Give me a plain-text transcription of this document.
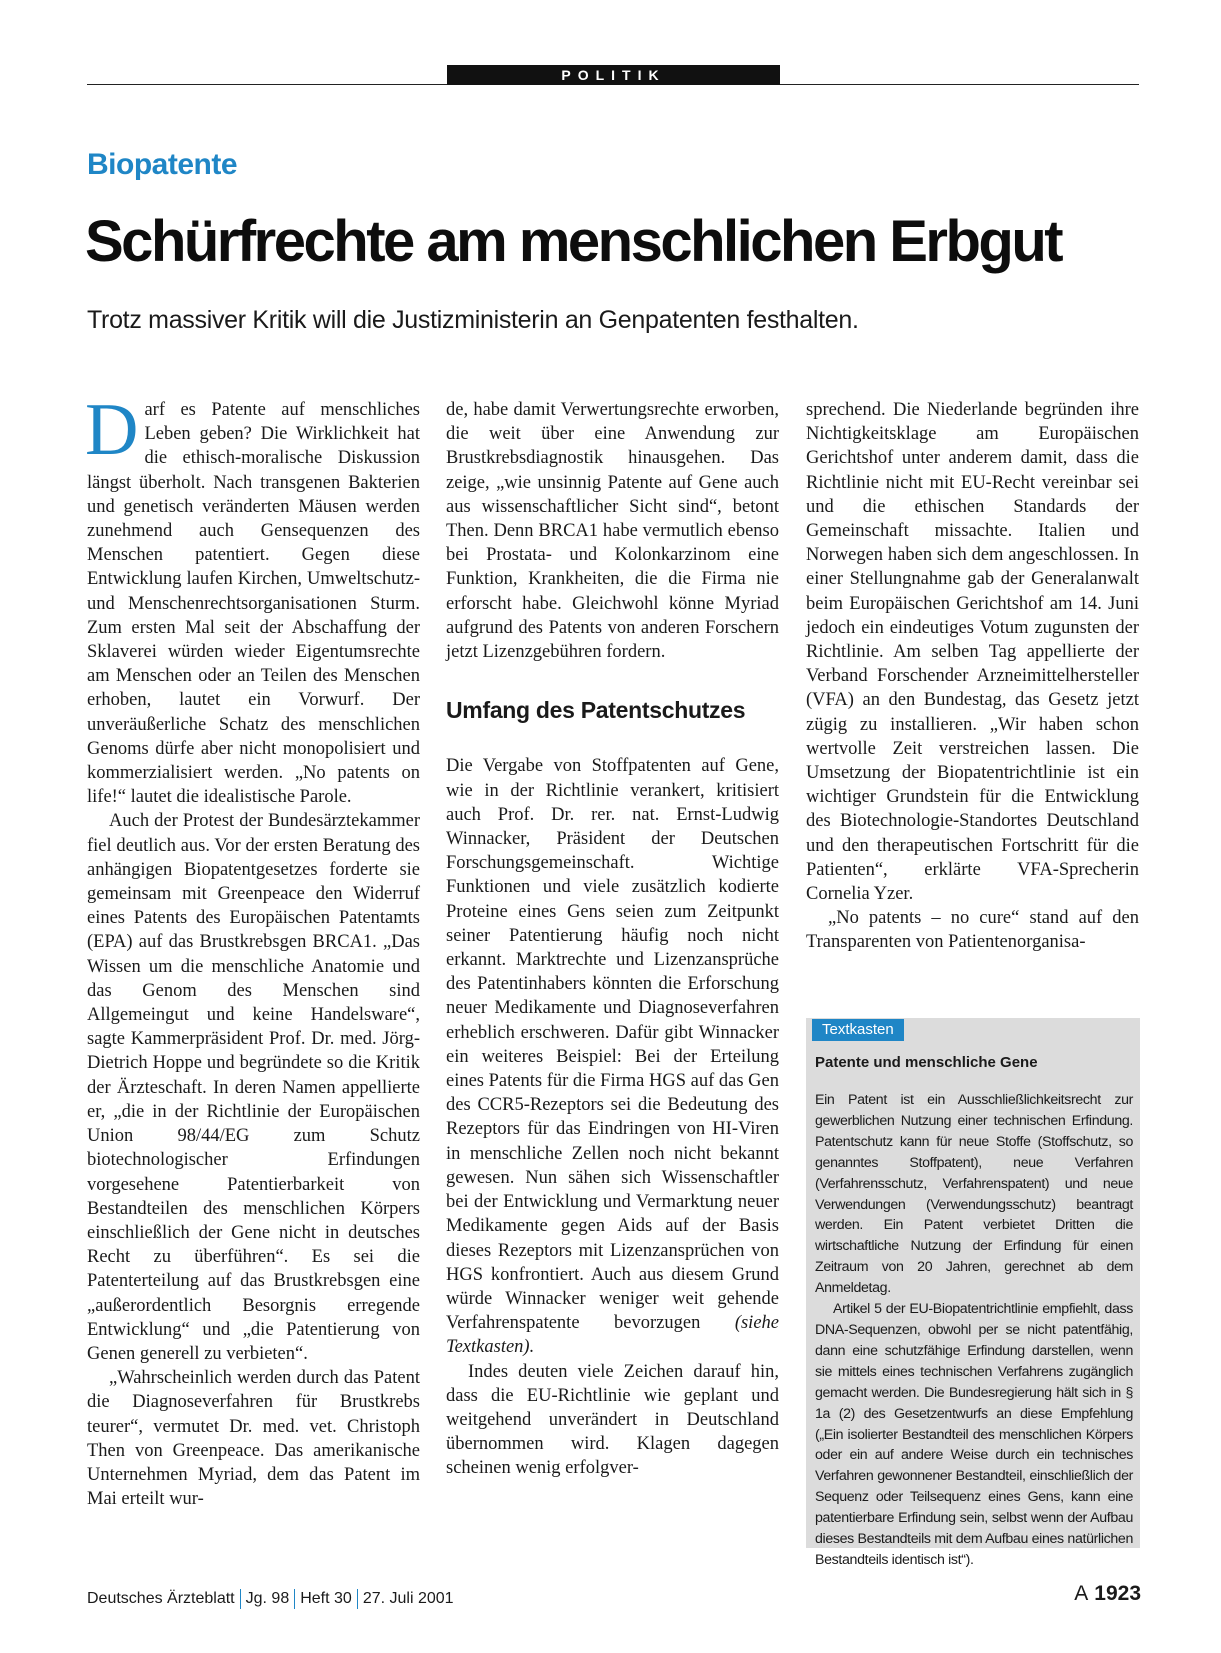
POLITIK
Biopatente
Schürfrechte am menschlichen Erbgut
Trotz massiver Kritik will die Justizministerin an Genpatenten festhalten.

Darf es Patente auf menschliches Leben geben? Die Wirklichkeit hat die ethisch-moralische Diskussion längst überholt. Nach transgenen Bakterien und genetisch veränderten Mäusen werden zunehmend auch Gensequenzen des Menschen patentiert. Gegen diese Entwicklung laufen Kirchen, Umweltschutz- und Menschenrechtsorganisationen Sturm. Zum ersten Mal seit der Abschaffung der Sklaverei würden wieder Eigentumsrechte am Menschen oder an Teilen des Menschen erhoben, lautet ein Vorwurf. Der unveräußerliche Schatz des menschlichen Genoms dürfe aber nicht monopolisiert und kommerzialisiert werden. „No patents on life!“ lautet die idealistische Parole.

Auch der Protest der Bundesärztekammer fiel deutlich aus. Vor der ersten Beratung des anhängigen Biopatentgesetzes forderte sie gemeinsam mit Greenpeace den Widerruf eines Patents des Europäischen Patentamts (EPA) auf das Brustkrebsgen BRCA1. „Das Wissen um die menschliche Anatomie und das Genom des Menschen sind Allgemeingut und keine Handelsware“, sagte Kammerpräsident Prof. Dr. med. Jörg-Dietrich Hoppe und begründete so die Kritik der Ärzteschaft. In deren Namen appellierte er, „die in der Richtlinie der Europäischen Union 98/44/EG zum Schutz biotechnologischer Erfindungen vorgesehene Patentierbarkeit von Bestandteilen des menschlichen Körpers einschließlich der Gene nicht in deutsches Recht zu überführen“. Es sei die Patenterteilung auf das Brustkrebsgen eine „außerordentlich Besorgnis erregende Entwicklung“ und „die Patentierung von Genen generell zu verbieten“.

„Wahrscheinlich werden durch das Patent die Diagnoseverfahren für Brustkrebs teurer“, vermutet Dr. med. vet. Christoph Then von Greenpeace. Das amerikanische Unternehmen Myriad, dem das Patent im Mai erteilt wur-

de, habe damit Verwertungsrechte erworben, die weit über eine Anwendung zur Brustkrebsdiagnostik hinausgehen. Das zeige, „wie unsinnig Patente auf Gene auch aus wissenschaftlicher Sicht sind“, betont Then. Denn BRCA1 habe vermutlich ebenso bei Prostata- und Kolonkarzinom eine Funktion, Krankheiten, die die Firma nie erforscht habe. Gleichwohl könne Myriad aufgrund des Patents von anderen Forschern jetzt Lizenzgebühren fordern.

Umfang des Patentschutzes

Die Vergabe von Stoffpatenten auf Gene, wie in der Richtlinie verankert, kritisiert auch Prof. Dr. rer. nat. Ernst-Ludwig Winnacker, Präsident der Deutschen Forschungsgemeinschaft. Wichtige Funktionen und viele zusätzlich kodierte Proteine eines Gens seien zum Zeitpunkt seiner Patentierung häufig noch nicht erkannt. Marktrechte und Lizenzansprüche des Patentinhabers könnten die Erforschung neuer Medikamente und Diagnoseverfahren erheblich erschweren. Dafür gibt Winnacker ein weiteres Beispiel: Bei der Erteilung eines Patents für die Firma HGS auf das Gen des CCR5-Rezeptors sei die Bedeutung des Rezeptors für das Eindringen von HI-Viren in menschliche Zellen noch nicht bekannt gewesen. Nun sähen sich Wissenschaftler bei der Entwicklung und Vermarktung neuer Medikamente gegen Aids auf der Basis dieses Rezeptors mit Lizenzansprüchen von HGS konfrontiert. Auch aus diesem Grund würde Winnacker weniger weit gehende Verfahrenspatente bevorzugen (siehe Textkasten).

Indes deuten viele Zeichen darauf hin, dass die EU-Richtlinie wie geplant und weitgehend unverändert in Deutschland übernommen wird. Klagen dagegen scheinen wenig erfolgver-

sprechend. Die Niederlande begründen ihre Nichtigkeitsklage am Europäischen Gerichtshof unter anderem damit, dass die Richtlinie nicht mit EU-Recht vereinbar sei und die ethischen Standards der Gemeinschaft missachte. Italien und Norwegen haben sich dem angeschlossen. In einer Stellungnahme gab der Generalanwalt beim Europäischen Gerichtshof am 14. Juni jedoch ein eindeutiges Votum zugunsten der Richtlinie. Am selben Tag appellierte der Verband Forschender Arzneimittelhersteller (VFA) an den Bundestag, das Gesetz jetzt zügig zu installieren. „Wir haben schon wertvolle Zeit verstreichen lassen. Die Umsetzung der Biopatentrichtlinie ist ein wichtiger Grundstein für die Entwicklung des Biotechnologie-Standortes Deutschland und den therapeutischen Fortschritt für die Patienten“, erklärte VFA-Sprecherin Cornelia Yzer.

„No patents – no cure“ stand auf den Transparenten von Patientenorganisa-

Textkasten
Patente und menschliche Gene

Ein Patent ist ein Ausschließlichkeitsrecht zur gewerblichen Nutzung einer technischen Erfindung. Patentschutz kann für neue Stoffe (Stoffschutz, so genanntes Stoffpatent), neue Verfahren (Verfahrensschutz, Verfahrenspatent) und neue Verwendungen (Verwendungsschutz) beantragt werden. Ein Patent verbietet Dritten die wirtschaftliche Nutzung der Erfindung für einen Zeitraum von 20 Jahren, gerechnet ab dem Anmeldetag.

Artikel 5 der EU-Biopatentrichtlinie empfiehlt, dass DNA-Sequenzen, obwohl per se nicht patentfähig, dann eine schutzfähige Erfindung darstellen, wenn sie mittels eines technischen Verfahrens zugänglich gemacht werden. Die Bundesregierung hält sich in § 1a (2) des Gesetzentwurfs an diese Empfehlung („Ein isolierter Bestandteil des menschlichen Körpers oder ein auf andere Weise durch ein technisches Verfahren gewonnener Bestandteil, einschließlich der Sequenz oder Teilsequenz eines Gens, kann eine patentierbare Erfindung sein, selbst wenn der Aufbau dieses Bestandteils mit dem Aufbau eines natürlichen Bestandteils identisch ist“).

Deutsches Ärzteblatt Jg. 98 Heft 30 27. Juli 2001	A 1923
